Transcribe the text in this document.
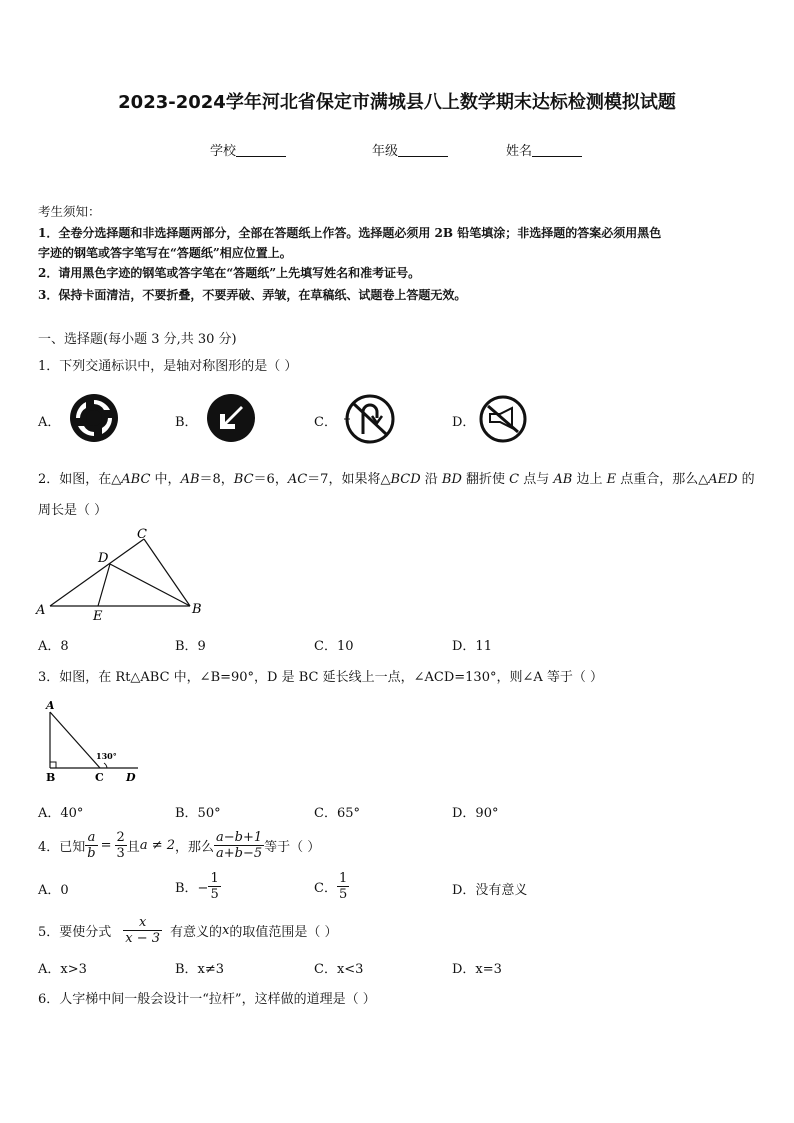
2023-2024学年河北省保定市满城县八上数学期末达标检测模拟试题
学校	年级	姓名
考生须知：
1．全卷分选择题和非选择题两部分，全部在答题纸上作答。选择题必须用 2B 铅笔填涂；非选择题的答案必须用黑色
字迹的钢笔或答字笔写在“答题纸”相应位置上。
2．请用黑色字迹的钢笔或答字笔在“答题纸”上先填写姓名和准考证号。
3．保持卡面清洁，不要折叠，不要弄破、弄皱，在草稿纸、试题卷上答题无效。
一、选择题(每小题 3 分,共 30 分)
1．下列交通标识中，是轴对称图形的是（ ）
A．	B．	C．	D．
2．如图，在△ABC 中，AB＝8，BC＝6，AC＝7，如果将△BCD 沿 BD 翻折使 C 点与 AB 边上 E 点重合，那么△AED 的
周长是（ ）
A	B
C
D
E
A．8	B．9	C．10	D．11
3．如图，在 Rt△ABC 中，∠B=90°，D 是 BC 延长线上一点，∠ACD=130°，则∠A 等于（ ）
A
B	C D
130°
A．40°	B．50°	C．65°	D．90°
4．已知 $\frac{a}{b} = \frac{2}{3}$ 且 a ≠ 2 ，那么 $\frac{a-b+1}{a+b-5}$ 等于（ ）
A．0	B．− $\frac{1}{5}$	C． $\frac{1}{5}$	D．没有意义
5．要使分式 $\frac{x}{x - 3}$ 有意义的 x 的取值范围是（ ）
A．x>3	B．x≠3	C．x<3	D．x=3
6．人字梯中间一般会设计一“拉杆”，这样做的道理是（ ）
